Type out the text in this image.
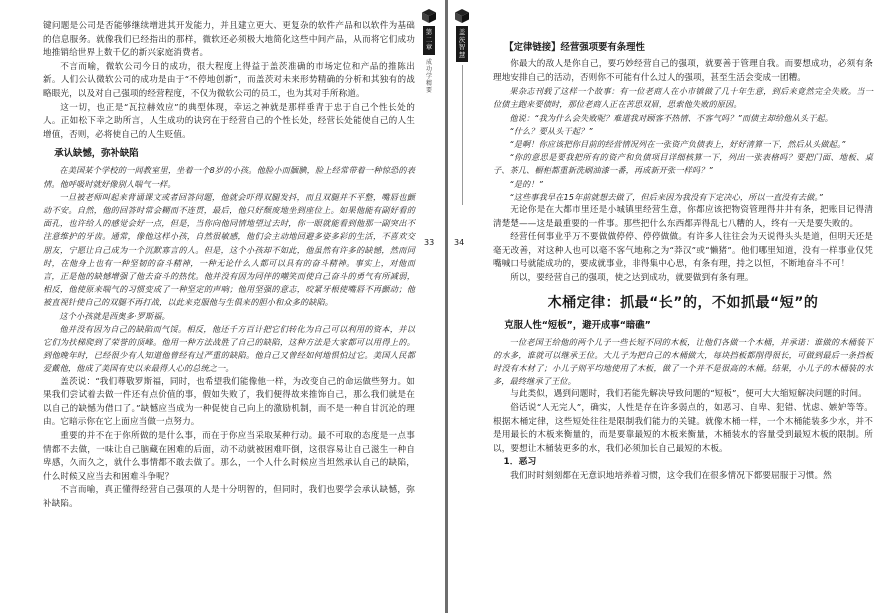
键问题是公司是否能够继续增进其开发能力，并且建立更大、更复杂的软件产品和以软件为基础的信息服务。就像我们已经指出的那样，微软还必须极大地简化这些中间产品，从而将它们成功地推销给世界上数千亿的新兴家庭消费者。

不言而喻，微软公司今日的成功，很大程度上得益于盖茨准确的市场定位和产品的推陈出新。人们公认微软公司的成功是由于“不停地创新”，而盖茨对未来形势精确的分析和其独有的战略眼光，以及对自己强项的经营程度，不仅为微软公司的员工，也为其对手所称道。

这一切，也正是“瓦拉赫效应”的典型体现，幸运之神就是那样垂青于忠于自己个性长处的人。正如松下幸之助所言，人生成功的诀窍在于经营自己的个性长处，经营长处能使自己的人生增值，否则，必将使自己的人生贬值。

承认缺憾，弥补缺陷

在美国某个学校的一间教室里，坐着一个8岁的小孩。他脸小而腼腆，脸上经常带着一种惊恐的表情。他呼吸时就好像别人喘气一样。

一旦被老师叫起来背诵课文或者回答问题，他就会吓得双腿发抖，而且双腿并不平整，嘴唇也颤动不安。自然，他的回答时常会糊而不连贯，最后，他只好颓废地坐到座位上。如果他能有副好看的面孔，也许给人的感觉会好一点，但是，当你向他同情地望过去时，你一眼就能看到他那一副突出不注意维护的牙齿。通常，像他这样小孩，自然很敏感，他们会主动地回避多姿多彩的生活，不喜欢交朋友，宁愿让自己成为一个沉默寡言的人。但是，这个小孩却不如此，他虽然有许多的缺憾，然而同时，在他身上也有一种坚韧的奋斗精神，一种无论什么人都可以具有的奋斗精神。事实上，对他而言，正是他的缺憾增强了他去奋斗的热忱。他并没有因为同伴的嘲笑而使自己奋斗的勇气有所减弱，相反，他使原来喘气的习惯变成了一种坚定的声响；他用坚强的意志，咬紧牙根使嘴唇不再颤动；他被直视针使自己的双腿不再打战，以此来克服他与生俱来的胆小和众多的缺陷。

这个小孩就是西奥多·罗斯福。

他并没有因为自己的缺陷而气馁。相反，他还千方百计把它们转化为自己可以利用的资本，并以它们为扶梯爬到了荣誉的顶峰。他用一种方法战胜了自己的缺陷，这种方法是大家都可以用得上的。到他晚年时，已经很少有人知道他曾经有过严重的缺陷。他自己又曾经如何地惧怕过它。美国人民都爱戴他，他成了美国有史以来最得人心的总统之一。

盖茨说：“我们尊敬罗斯福，同时，也希望我们能像他一样，为改变自己的命运做些努力。如果我们尝试着去做一件还有点价值的事，假如失败了，我们便得故来推饰自己，那么我们就是在以自己的缺憾为借口了。”缺憾应当成为一种促使自己向上的激励机制，而不是一种自甘沉沦的理由。它暗示你在它上面应当做一点努力。

重要的并不在于你所做的是什么事，而在于你应当采取某种行动。最不可取的态度是一点事情都不去做，一味让自己脑藏在困难的后面，动不动就被困难吓倒，这很容易让自己滋生一种自卑感，久而久之，就什么事情都不敢去做了。那么，一个人什么时候应当坦然承认自己的缺陷，什么时候又应当去和困难斗争呢？

不言而喻，真正懂得经营自己强项的人是十分明智的，但同时，我们也要学会承认缺憾，弥补缺陷。

第二章
成功学精要
33
盖茨智慧
34
【定律链接】经营强项要有条理性

你最大的敌人是你自己，要巧妙经营自己的强项，就要善于管理自我。而要想成功，必须有条理地安排自己的活动，否则你不可能有什么过人的强项，甚至生活会变成一团糟。

果杂志刊载了这样一个故事：有一位老商人在小市镇做了几十年生意，到后来竟然完全失败。当一位债主跑来要债时，那位老商人正在苦思双眉，思索他失败的原因。

他说：“我为什么会失败呢？难道我对顾客不热情、不客气吗？”而债主却给他从头干起。

“什么？要从头干起？”

“是啊！你应该把你目前的经营情况列在一张资产负债表上，好好清算一下，然后从头做起。”

“你的意思是要我把所有的资产和负债项目详细核算一下，列出一张表格吗？要把门面、地板、桌子、茶几、橱柜都重新洗刷油漆一番，再成新开张一样吗？”

“是的！”

“这些事我早在15年前就想去做了，但后来因为我没有下定决心，所以一直没有去做。”

无论你是在大都市里还是小城镇里经营生意，你都应该把物资管理得井井有条，把账目记得清清楚楚——这是最重要的一件事。那些把什么东西都弄得乱七八糟的人，终有一天是要失败的。

经营任何事业乎万不要做做停停、停停做做。有许多人往往会为天说得头头是道，但明天还是毫无改善，对这种人也可以毫不客气地称之为“莽汉”或“懒猪”。他们哪里知道，没有一样事业仅凭嘴喊口号就能成功的，要成就事业，非得集中心思，有条有理，持之以恒，不断地奋斗不可！

所以，要经营自己的强项，使之达到成功，就要做到有条有理。

木桶定律：抓最“长”的，不如抓最“短”的
克服人性“短板”，避开成事“暗礁”

一位老国王给他的两个儿子一些长短不同的木板，让他们各做一个木桶，并承诺：谁做的木桶装下的水多，谁就可以继承王位。大儿子为把自己的木桶做大，每块挡板都削得很长，可做到最后一条挡板时没有木材了；小儿子则平均地使用了木板，做了一个并不是很高的木桶。结果，小儿子的木桶装的水多，最终继承了王位。

与此类似，遇到问题时，我们若能先解决导致问题的“短板”，便可大大缩短解决问题的时间。

俗话说“人无完人”，确实，人性是存在许多弱点的，如恶习、自卑、犯错、忧虑、嫉妒等等。根据木桶定律，这些短处往往是限制我们能力的关键。就像木桶一样，一个木桶能装多少水，并不是用最长的木板来衡量的，而是要靠最短的木板来衡量，木桶装水的容量受到最短木板的限制。所以，要想让木桶装更多的水，我们必须加长自己最短的木板。

1．恶习

我们时时刻刻都在无意识地培养着习惯，这令我们在很多情况下都要屈服于习惯。然
